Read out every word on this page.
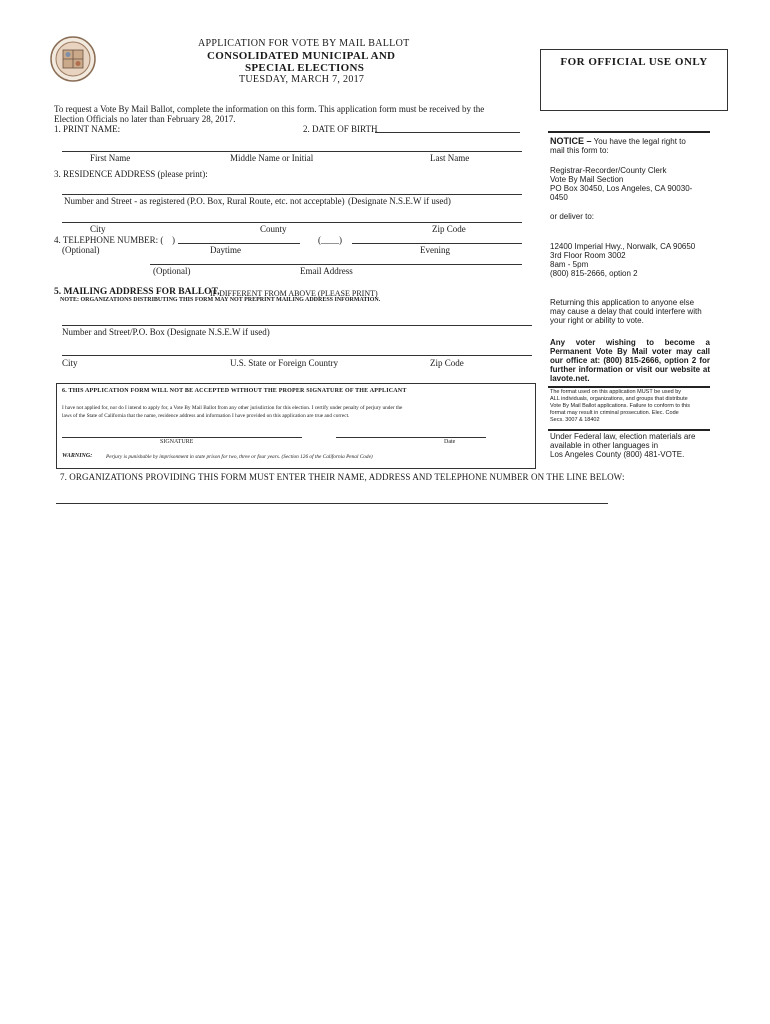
APPLICATION FOR VOTE BY MAIL BALLOT
CONSOLIDATED MUNICIPAL AND
SPECIAL ELECTIONS
TUESDAY, MARCH 7, 2017
FOR OFFICIAL USE ONLY
To request a Vote By Mail Ballot, complete the information on this form. This application form must be received by the
Election Officials no later than February 28, 2017.
1. PRINT NAME:	2. DATE OF BIRTH
First Name	Middle Name or Initial	Last Name
3. RESIDENCE ADDRESS (please print):
Number and Street - as registered (P.O. Box, Rural Route, etc. not acceptable) (Designate N.S.E.W if used)
City	County	Zip Code
4. TELEPHONE NUMBER: ( )	(____)
(Optional)	Daytime	Evening
(Optional)	Email Address
5. MAILING ADDRESS FOR BALLOT,
IF DIFFERENT FROM ABOVE (PLEASE PRINT)
NOTE: ORGANIZATIONS DISTRIBUTING THIS FORM MAY NOT PREPRINT MAILING ADDRESS INFORMATION.
Number and Street/P.O. Box (Designate N.S.E.W if used)
City	U.S. State or Foreign Country	Zip Code
6. THIS APPLICATION FORM WILL NOT BE ACCEPTED WITHOUT THE PROPER SIGNATURE OF THE APPLICANT
I have not applied for, nor do I intend to apply for, a Vote By Mail Ballot from any other jurisdiction for this election. I certify under penalty of perjury under the
laws of the State of California that the name, residence address and information I have provided on this application are true and correct.
SIGNATURE	Date
WARNING:	Perjury is punishable by imprisonment in state prison for two, three or four years. (Section 126 of the California Penal Code)
7. ORGANIZATIONS PROVIDING THIS FORM MUST ENTER THEIR NAME, ADDRESS AND TELEPHONE NUMBER ON THE LINE BELOW:
NOTICE – You have the legal right to
mail this form to:
Registrar-Recorder/County Clerk
Vote By Mail Section
PO Box 30450, Los Angeles, CA 90030-0450
or deliver to:
12400 Imperial Hwy., Norwalk, CA 90650
3rd Floor Room 3002
8am - 5pm
(800) 815-2666, option 2
Returning this application to anyone else
may cause a delay that could interfere with
your right or ability to vote.
Any voter wishing to become a
Permanent Vote By Mail voter may call
our office at: (800) 815-2666, option 2 for
further information or visit our website at
lavote.net.
The format used on this application MUST be used by
ALL individuals, organizations, and groups that distribute
Vote By Mail Ballot applications. Failure to conform to this
format may result in criminal prosecution. Elec. Code
Secs. 3007 & 18402
Under Federal law, election materials are
available in other languages in
Los Angeles County (800) 481-VOTE.
